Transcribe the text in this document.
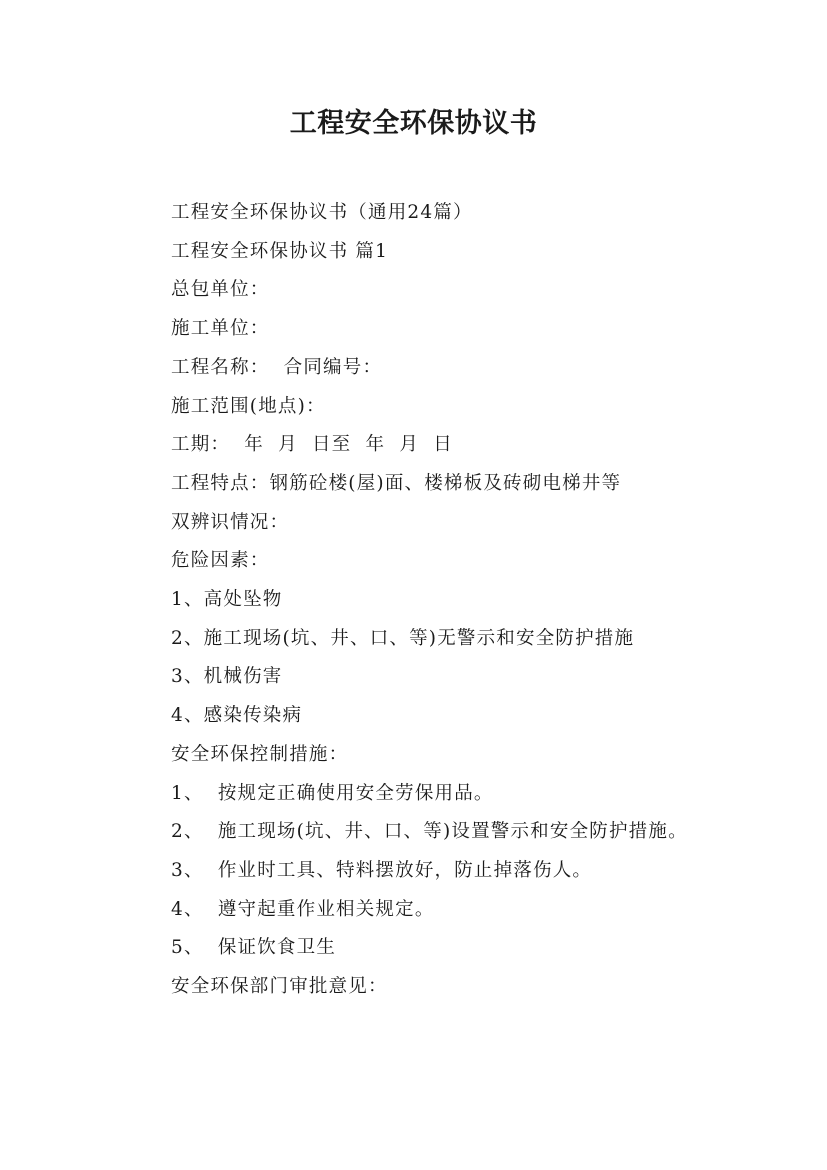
工程安全环保协议书

工程安全环保协议书（通用24篇）

工程安全环保协议书 篇1

总包单位：

施工单位：

工程名称：  合同编号：

施工范围(地点)：

工期：  年  月  日至  年  月  日

工程特点：钢筋砼楼(屋)面、楼梯板及砖砌电梯井等

双辨识情况：

危险因素：

1、高处坠物

2、施工现场(坑、井、口、等)无警示和安全防护措施

3、机械伤害

4、感染传染病

安全环保控制措施：

1、  按规定正确使用安全劳保用品。

2、  施工现场(坑、井、口、等)设置警示和安全防护措施。

3、  作业时工具、特料摆放好，防止掉落伤人。

4、  遵守起重作业相关规定。

5、  保证饮食卫生

安全环保部门审批意见：
